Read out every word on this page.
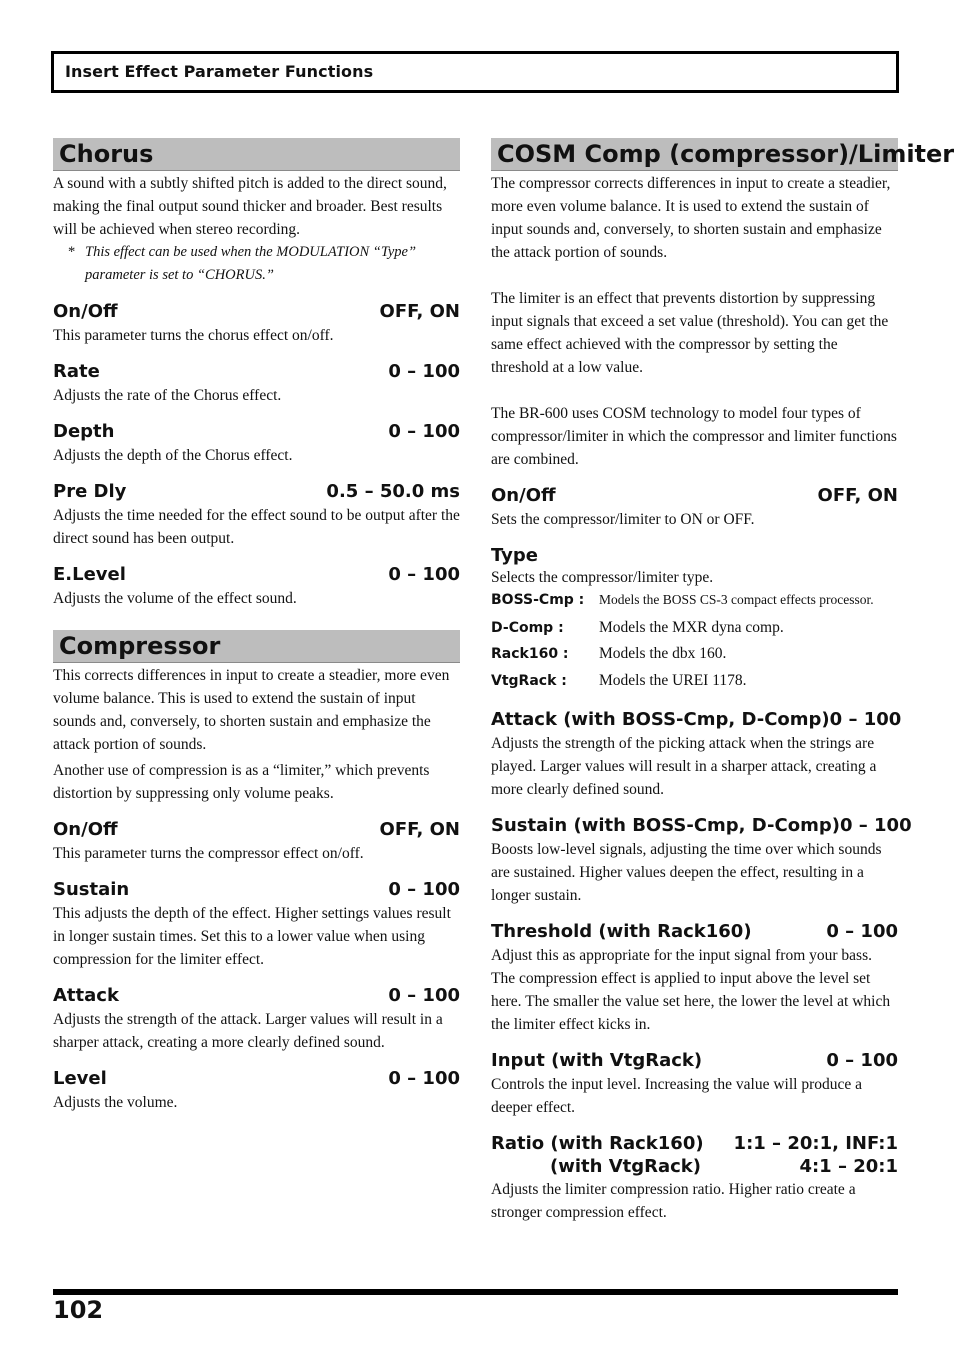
Insert Effect Parameter Functions
Chorus

A sound with a subtly shifted pitch is added to the direct sound, making the final output sound thicker and broader. Best results will be achieved when stereo recording.

* This effect can be used when the MODULATION “Type” parameter is set to “CHORUS.”

On/Off	OFF, ON

This parameter turns the chorus effect on/off.

Rate	0 – 100

Adjusts the rate of the Chorus effect.

Depth	0 – 100

Adjusts the depth of the Chorus effect.

Pre Dly	0.5 – 50.0 ms

Adjusts the time needed for the effect sound to be output after the direct sound has been output.

E.Level	0 – 100

Adjusts the volume of the effect sound.

Compressor

This corrects differences in input to create a steadier, more even volume balance. This is used to extend the sustain of input sounds and, conversely, to shorten sustain and emphasize the attack portion of sounds.

Another use of compression is as a “limiter,” which prevents distortion by suppressing only volume peaks.

On/Off	OFF, ON

This parameter turns the compressor effect on/off.

Sustain	0 – 100

This adjusts the depth of the effect. Higher settings values result in longer sustain times. Set this to a lower value when using compression for the limiter effect.

Attack	0 – 100

Adjusts the strength of the attack. Larger values will result in a sharper attack, creating a more clearly defined sound.

Level	0 – 100

Adjusts the volume.

COSM Comp (compressor)/Limiter

The compressor corrects differences in input to create a steadier, more even volume balance. It is used to extend the sustain of input sounds and, conversely, to shorten sustain and emphasize the attack portion of sounds.

The limiter is an effect that prevents distortion by suppressing input signals that exceed a set value (threshold). You can get the same effect achieved with the compressor by setting the threshold at a low value.

The BR-600 uses COSM technology to model four types of compressor/limiter in which the compressor and limiter functions are combined.

On/Off	OFF, ON

Sets the compressor/limiter to ON or OFF.

Type

Selects the compressor/limiter type.

BOSS-Cmp :	Models the BOSS CS-3 compact effects processor.
D-Comp :	Models the MXR dyna comp.
Rack160 :	Models the dbx 160.
VtgRack :	Models the UREI 1178.
Attack (with BOSS-Cmp, D-Comp) 0 – 100

Adjusts the strength of the picking attack when the strings are played. Larger values will result in a sharper attack, creating a more clearly defined sound.

Sustain (with BOSS-Cmp, D-Comp) 0 – 100

Boosts low-level signals, adjusting the time over which sounds are sustained. Higher values deepen the effect, resulting in a longer sustain.

Threshold (with Rack160)	0 – 100

Adjust this as appropriate for the input signal from your bass. The compression effect is applied to input above the level set here. The smaller the value set here, the lower the level at which the limiter effect kicks in.

Input (with VtgRack)	0 – 100

Controls the input level. Increasing the value will produce a deeper effect.

Ratio (with Rack160) 1:1 – 20:1, INF:1
(with VtgRack)	4:1 – 20:1

Adjusts the limiter compression ratio. Higher ratio create a stronger compression effect.

102
